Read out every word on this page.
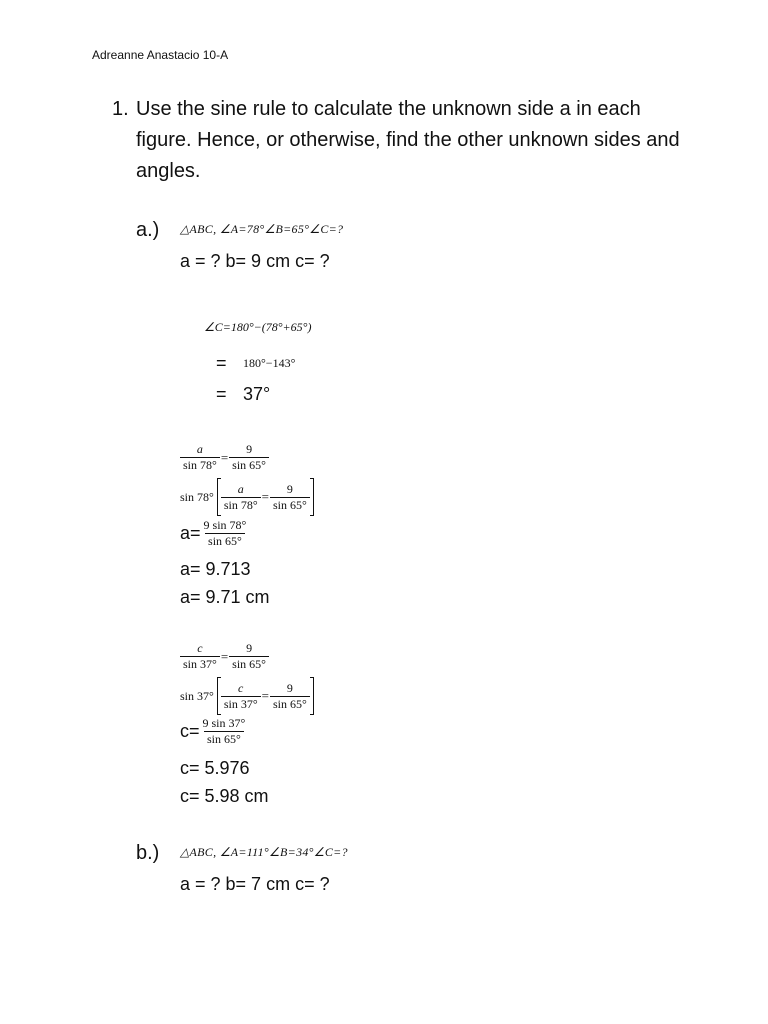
Adreanne Anastacio 10-A
1. Use the sine rule to calculate the unknown side a in each figure. Hence, or otherwise, find the other unknown sides and angles.
a.) △ABC, ∠A=78°∠B=65°∠C=?
a = ? b= 9 cm c= ?
∠C=180°−(78°+65°)
= 180°−143°
= 37°
$\frac{a}{\sin 78^\circ} = \frac{9}{\sin 65^\circ}$
$\sin 78^\circ \frac{a}{\sin 78^\circ} = \frac{9}{\sin 65^\circ}$
$a= \frac{9 \sin 78^\circ}{\sin 65^\circ}$
a= 9.713
a= 9.71 cm
$\frac{c}{\sin 37^\circ} = \frac{9}{\sin 65^\circ}$
$\sin 37^\circ \frac{c}{\sin 37^\circ} = \frac{9}{\sin 65^\circ}$
$c= \frac{9 \sin 37^\circ}{\sin 65^\circ}$
c= 5.976
c= 5.98 cm
b.) △ABC, ∠A=111°∠B=34°∠C=?
a = ? b= 7 cm c= ?
